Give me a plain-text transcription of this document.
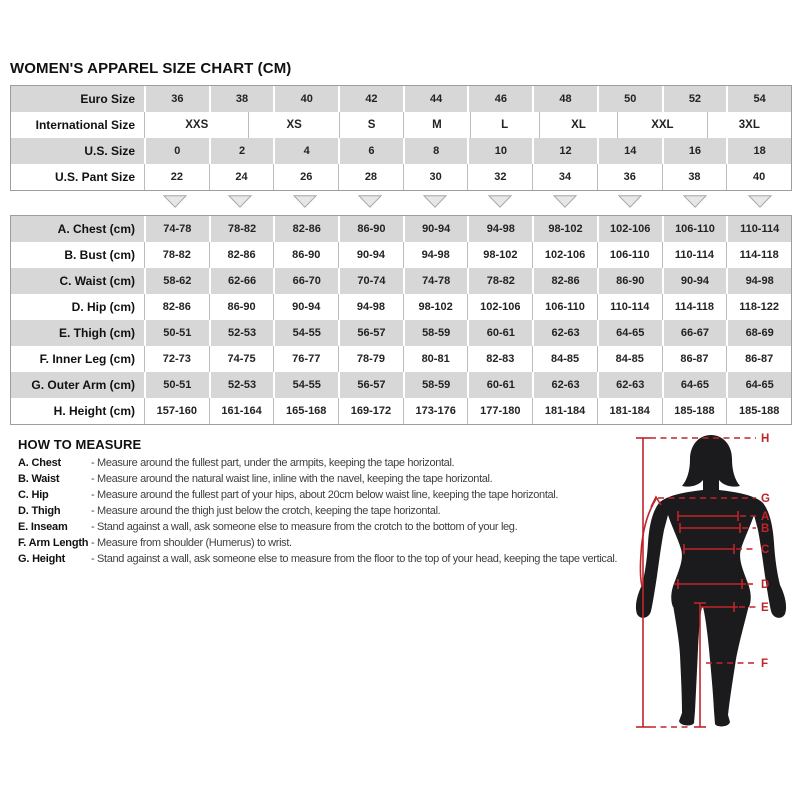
WOMEN'S APPAREL SIZE CHART (CM)
Euro Size	36	38	40	42	44	46	48	50	52	54
International Size	XXS	XS	S	M	L	XL	XXL	3XL
U.S. Size	0	2	4	6	8	10	12	14	16	18
U.S. Pant Size	22	24	26	28	30	32	34	36	38	40
A. Chest (cm)	74-78	78-82	82-86	86-90	90-94	94-98	98-102	102-106	106-110	110-114
B. Bust (cm)	78-82	82-86	86-90	90-94	94-98	98-102	102-106	106-110	110-114	114-118
C. Waist (cm)	58-62	62-66	66-70	70-74	74-78	78-82	82-86	86-90	90-94	94-98
D. Hip (cm)	82-86	86-90	90-94	94-98	98-102	102-106	106-110	110-114	114-118	118-122
E. Thigh (cm)	50-51	52-53	54-55	56-57	58-59	60-61	62-63	64-65	66-67	68-69
F. Inner Leg (cm)	72-73	74-75	76-77	78-79	80-81	82-83	84-85	84-85	86-87	86-87
G. Outer Arm (cm)	50-51	52-53	54-55	56-57	58-59	60-61	62-63	62-63	64-65	64-65
H. Height (cm)	157-160	161-164	165-168	169-172	173-176	177-180	181-184	181-184	185-188	185-188
HOW TO MEASURE
A. Chest	- Measure around the fullest part, under the armpits, keeping the tape horizontal.
B. Waist	- Measure around the natural waist line, inline with the navel, keeping the tape horizontal.
C. Hip	- Measure around the fullest part of your hips, about 20cm below waist line, keeping the tape horizontal.
D. Thigh	- Measure around the thigh just below the crotch, keeping the tape horizontal.
E. Inseam	- Stand against a wall, ask someone else to measure from the crotch to the bottom of your leg.
F. Arm Length - Measure from shoulder (Humerus) to wrist.
G. Height	- Stand against a wall, ask someone else to measure from the floor to the top of your head, keeping the tape vertical.
H
G
A
B
C
D
E
F
